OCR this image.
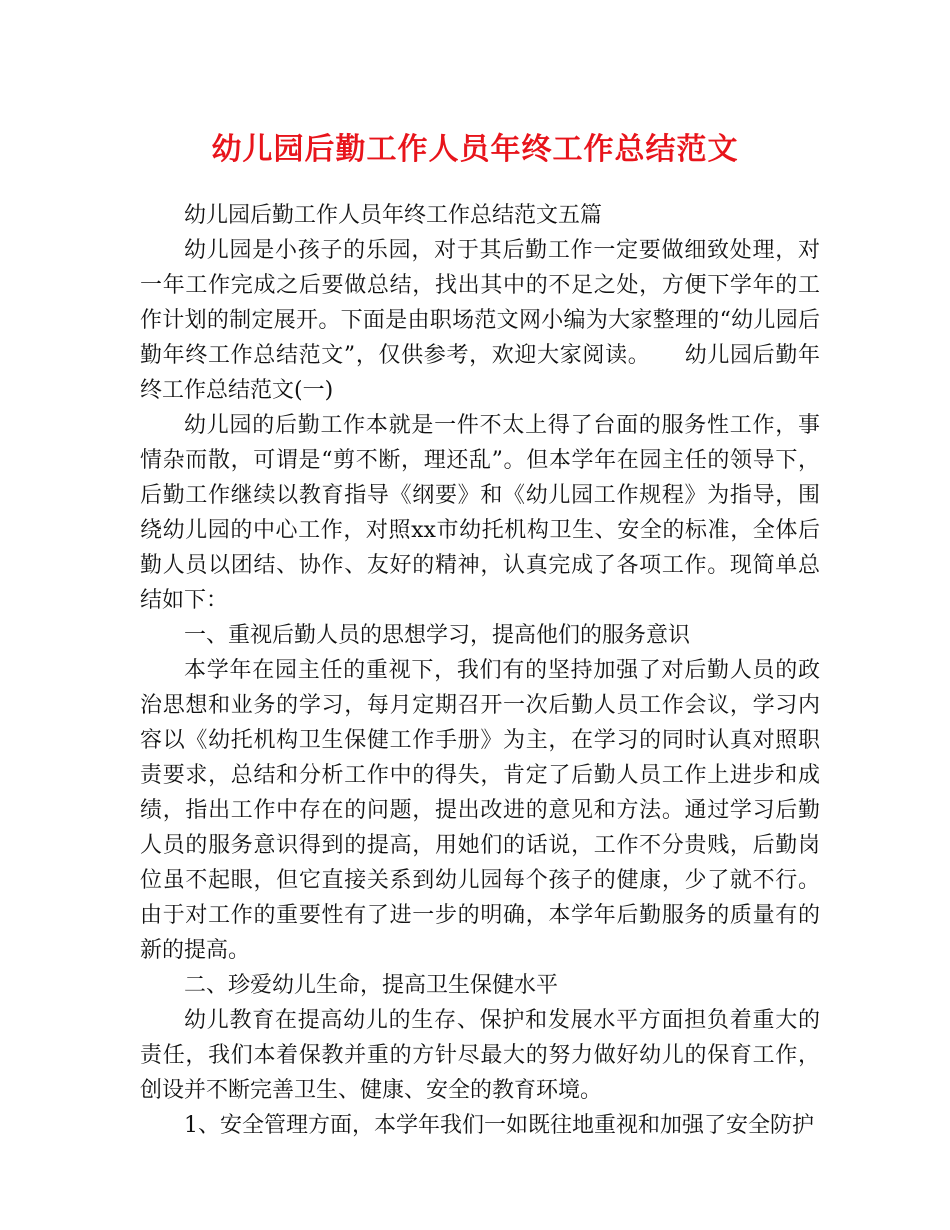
幼儿园后勤工作人员年终工作总结范文

幼儿园后勤工作人员年终工作总结范文五篇

幼儿园是小孩子的乐园，对于其后勤工作一定要做细致处理，对一年工作完成之后要做总结，找出其中的不足之处，方便下学年的工作计划的制定展开。下面是由职场范文网小编为大家整理的“幼儿园后勤年终工作总结范文”，仅供参考，欢迎大家阅读。　　幼儿园后勤年终工作总结范文(一)

幼儿园的后勤工作本就是一件不太上得了台面的服务性工作，事情杂而散，可谓是“剪不断，理还乱”。但本学年在园主任的领导下，后勤工作继续以教育指导《纲要》和《幼儿园工作规程》为指导，围绕幼儿园的中心工作，对照xx市幼托机构卫生、安全的标准，全体后勤人员以团结、协作、友好的精神，认真完成了各项工作。现简单总结如下：

一、重视后勤人员的思想学习，提高他们的服务意识

本学年在园主任的重视下，我们有的坚持加强了对后勤人员的政治思想和业务的学习，每月定期召开一次后勤人员工作会议，学习内容以《幼托机构卫生保健工作手册》为主，在学习的同时认真对照职责要求，总结和分析工作中的得失，肯定了后勤人员工作上进步和成绩，指出工作中存在的问题，提出改进的意见和方法。通过学习后勤人员的服务意识得到的提高，用她们的话说，工作不分贵贱，后勤岗位虽不起眼，但它直接关系到幼儿园每个孩子的健康，少了就不行。由于对工作的重要性有了进一步的明确，本学年后勤服务的质量有的新的提高。

二、珍爱幼儿生命，提高卫生保健水平

幼儿教育在提高幼儿的生存、保护和发展水平方面担负着重大的责任，我们本着保教并重的方针尽最大的努力做好幼儿的保育工作，创设并不断完善卫生、健康、安全的教育环境。

1、安全管理方面，本学年我们一如既往地重视和加强了安全防护
